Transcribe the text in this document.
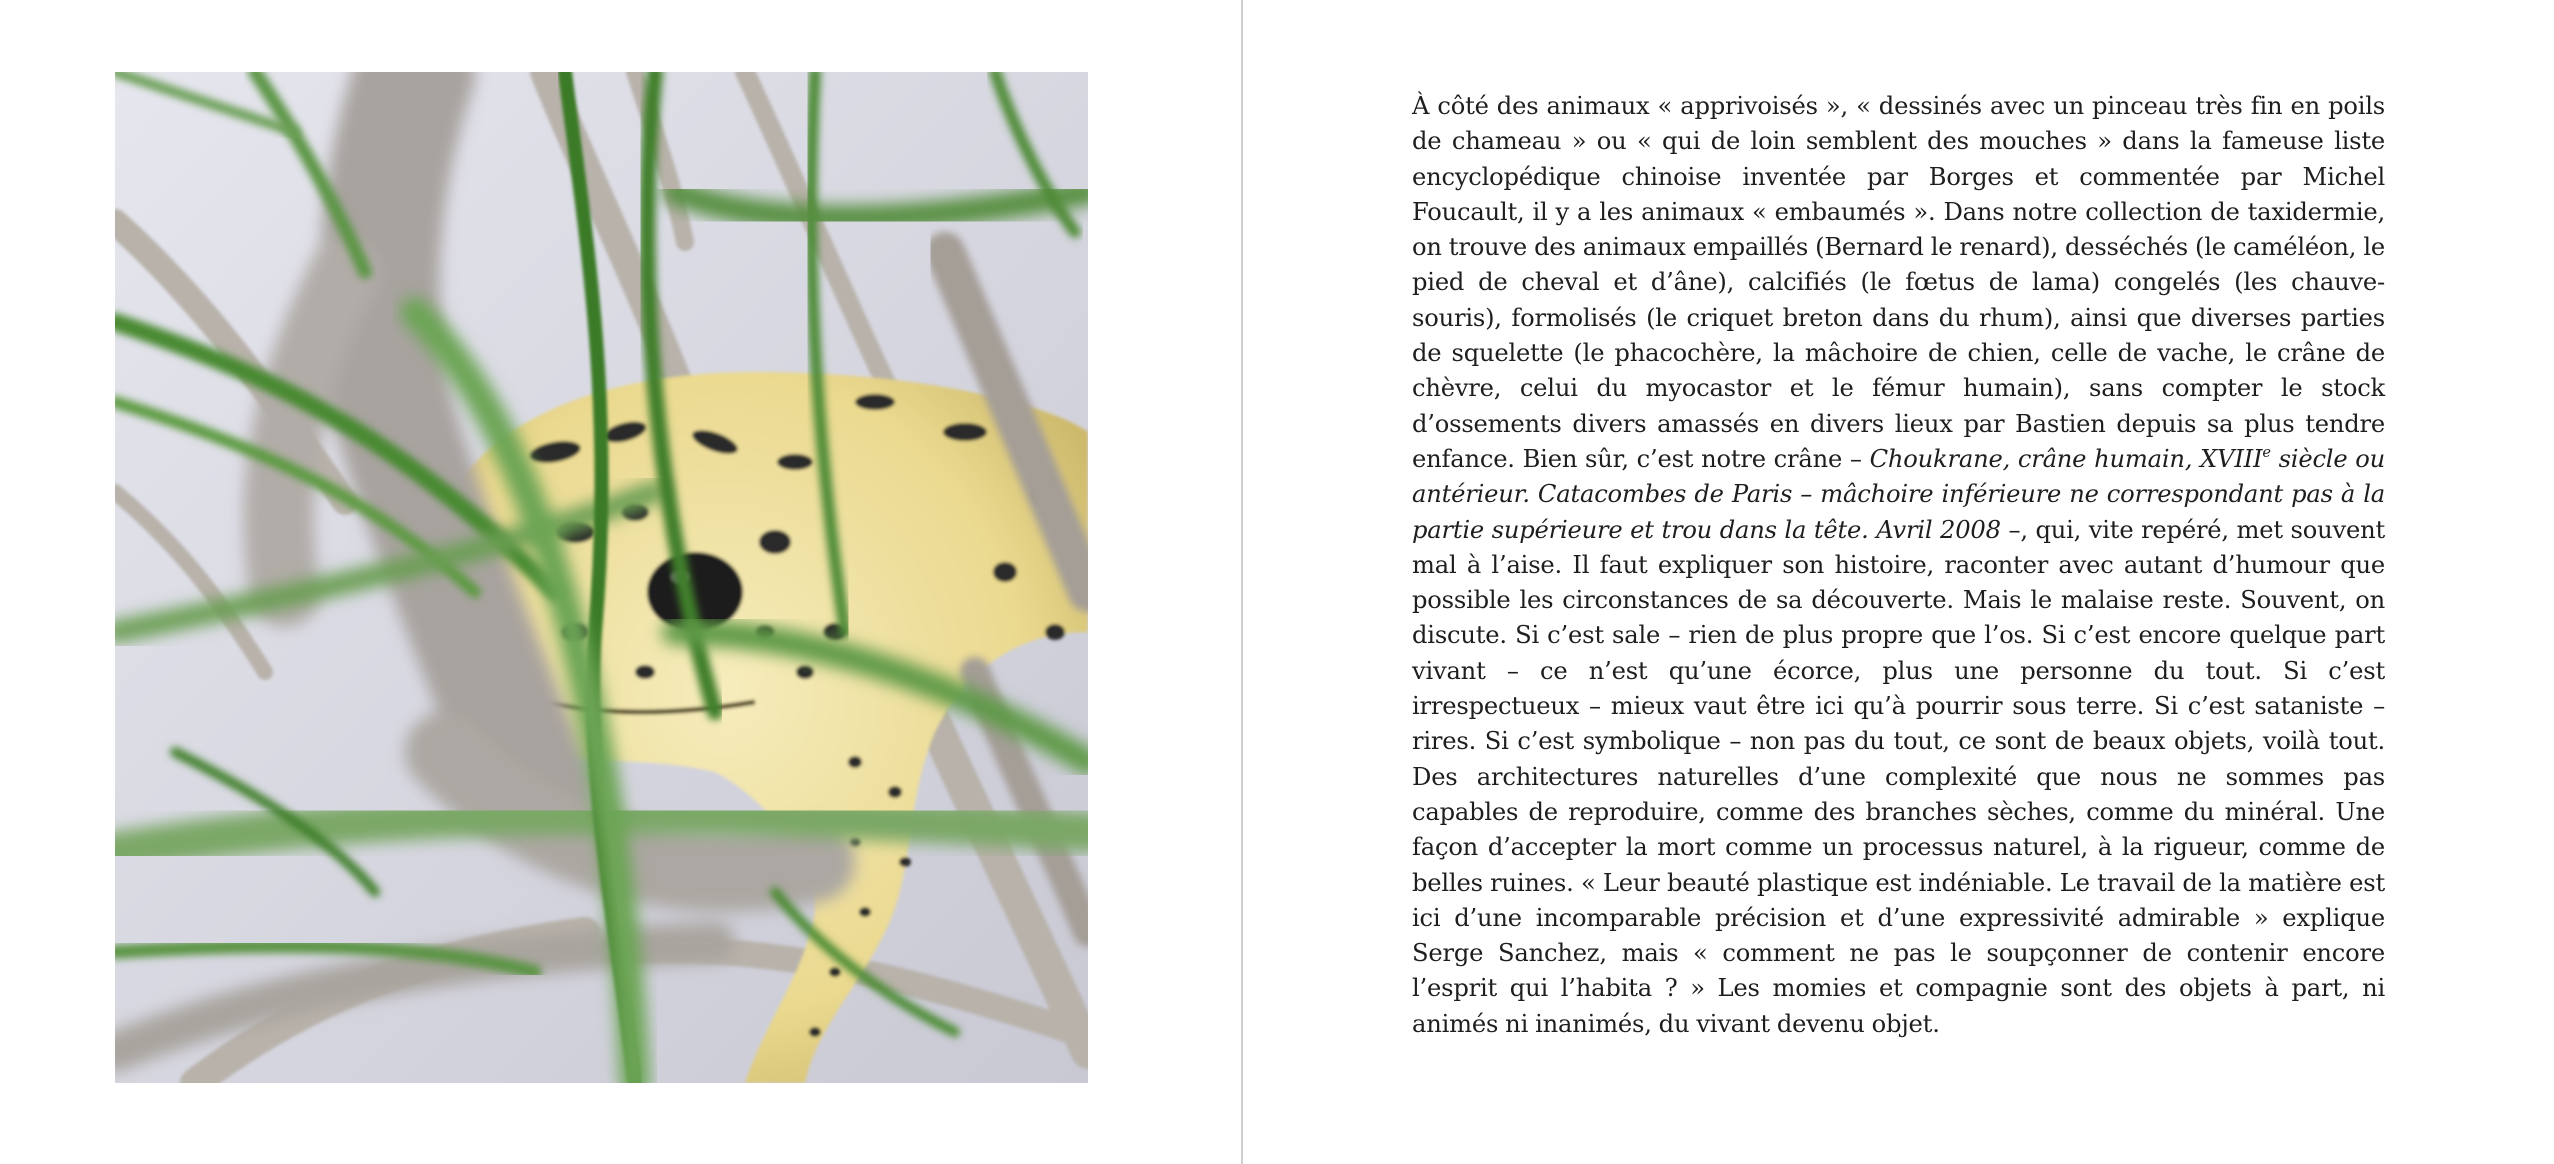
À côté des animaux « apprivoisés », « dessinés avec un pinceau très fin en poils de chameau » ou « qui de loin semblent des mouches » dans la fameuse liste encyclopédique chinoise inventée par Borges et commentée par Michel Foucault, il y a les animaux « embaumés ». Dans notre collection de taxidermie, on trouve des animaux empaillés (Bernard le renard), desséchés (le caméléon, le pied de cheval et d’âne), calcifiés (le fœtus de lama) congelés (les chauve-souris), formolisés (le criquet breton dans du rhum), ainsi que diverses parties de squelette (le phacochère, la mâchoire de chien, celle de vache, le crâne de chèvre, celui du myocastor et le fémur humain), sans compter le stock d’ossements divers amassés en divers lieux par Bastien depuis sa plus tendre enfance. Bien sûr, c’est notre crâne – Choukrane, crâne humain, XVIIIe siècle ou antérieur. Catacombes de Paris – mâchoire inférieure ne correspondant pas à la partie supérieure et trou dans la tête. Avril 2008 –, qui, vite repéré, met souvent mal à l’aise. Il faut expliquer son histoire, raconter avec autant d’humour que possible les circonstances de sa découverte. Mais le malaise reste. Souvent, on discute. Si c’est sale – rien de plus propre que l’os. Si c’est encore quelque part vivant – ce n’est qu’une écorce, plus une personne du tout. Si c’est irrespectueux – mieux vaut être ici qu’à pourrir sous terre. Si c’est sataniste – rires. Si c’est symbolique – non pas du tout, ce sont de beaux objets, voilà tout. Des architectures naturelles d’une complexité que nous ne sommes pas capables de reproduire, comme des branches sèches, comme du minéral. Une façon d’accepter la mort comme un processus naturel, à la rigueur, comme de belles ruines. « Leur beauté plastique est indéniable. Le travail de la matière est ici d’une incomparable précision et d’une expressivité admirable » explique Serge Sanchez, mais « comment ne pas le soupçonner de contenir encore l’esprit qui l’habita ? » Les momies et compagnie sont des objets à part, ni animés ni inanimés, du vivant devenu objet.
